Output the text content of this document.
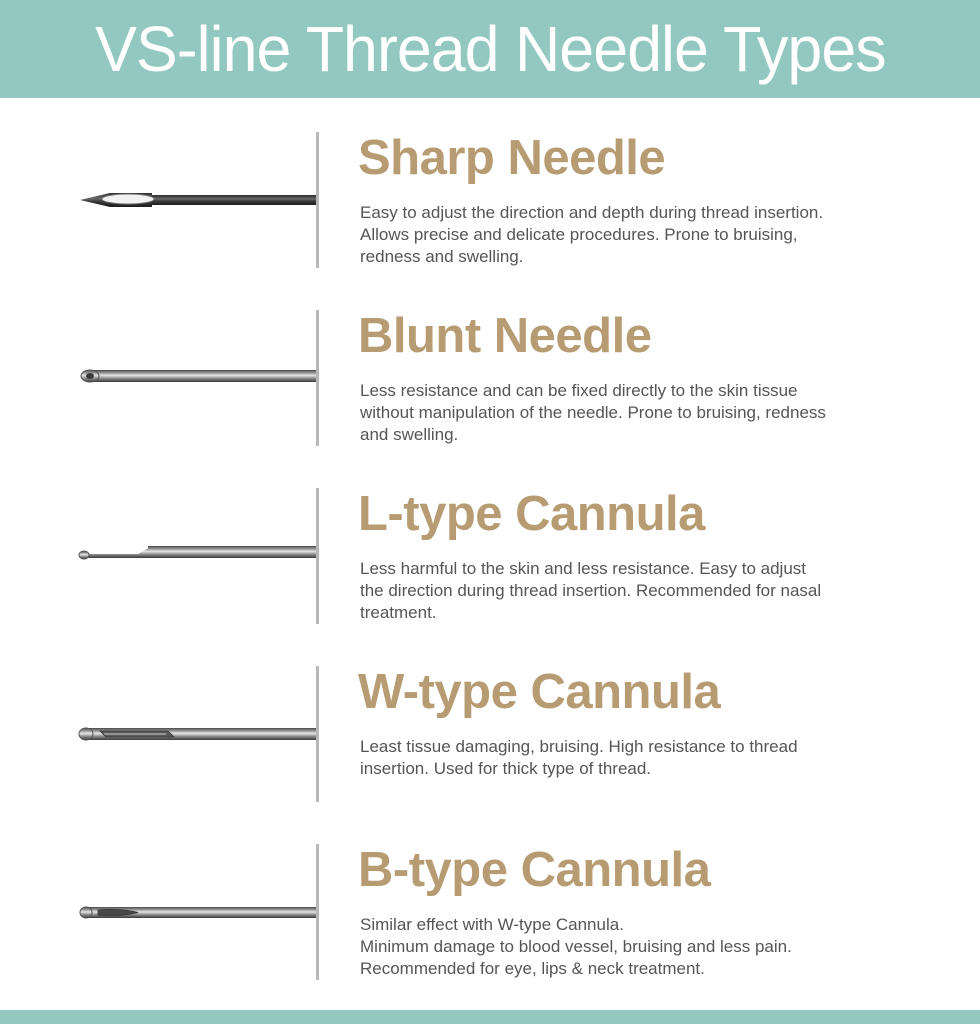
VS-line Thread Needle Types
Sharp Needle
Easy to adjust the direction and depth during thread insertion.
Allows precise and delicate procedures. Prone to bruising,
redness and swelling.
Blunt Needle
Less resistance and can be fixed directly to the skin tissue
without manipulation of the needle. Prone to bruising, redness
and swelling.
L-type Cannula
Less harmful to the skin and less resistance. Easy to adjust
the direction during thread insertion. Recommended for nasal
treatment.
W-type Cannula
Least tissue damaging, bruising. High resistance to thread
insertion. Used for thick type of thread.
B-type Cannula
Similar effect with W-type Cannula.
Minimum damage to blood vessel, bruising and less pain.
Recommended for eye, lips & neck treatment.
